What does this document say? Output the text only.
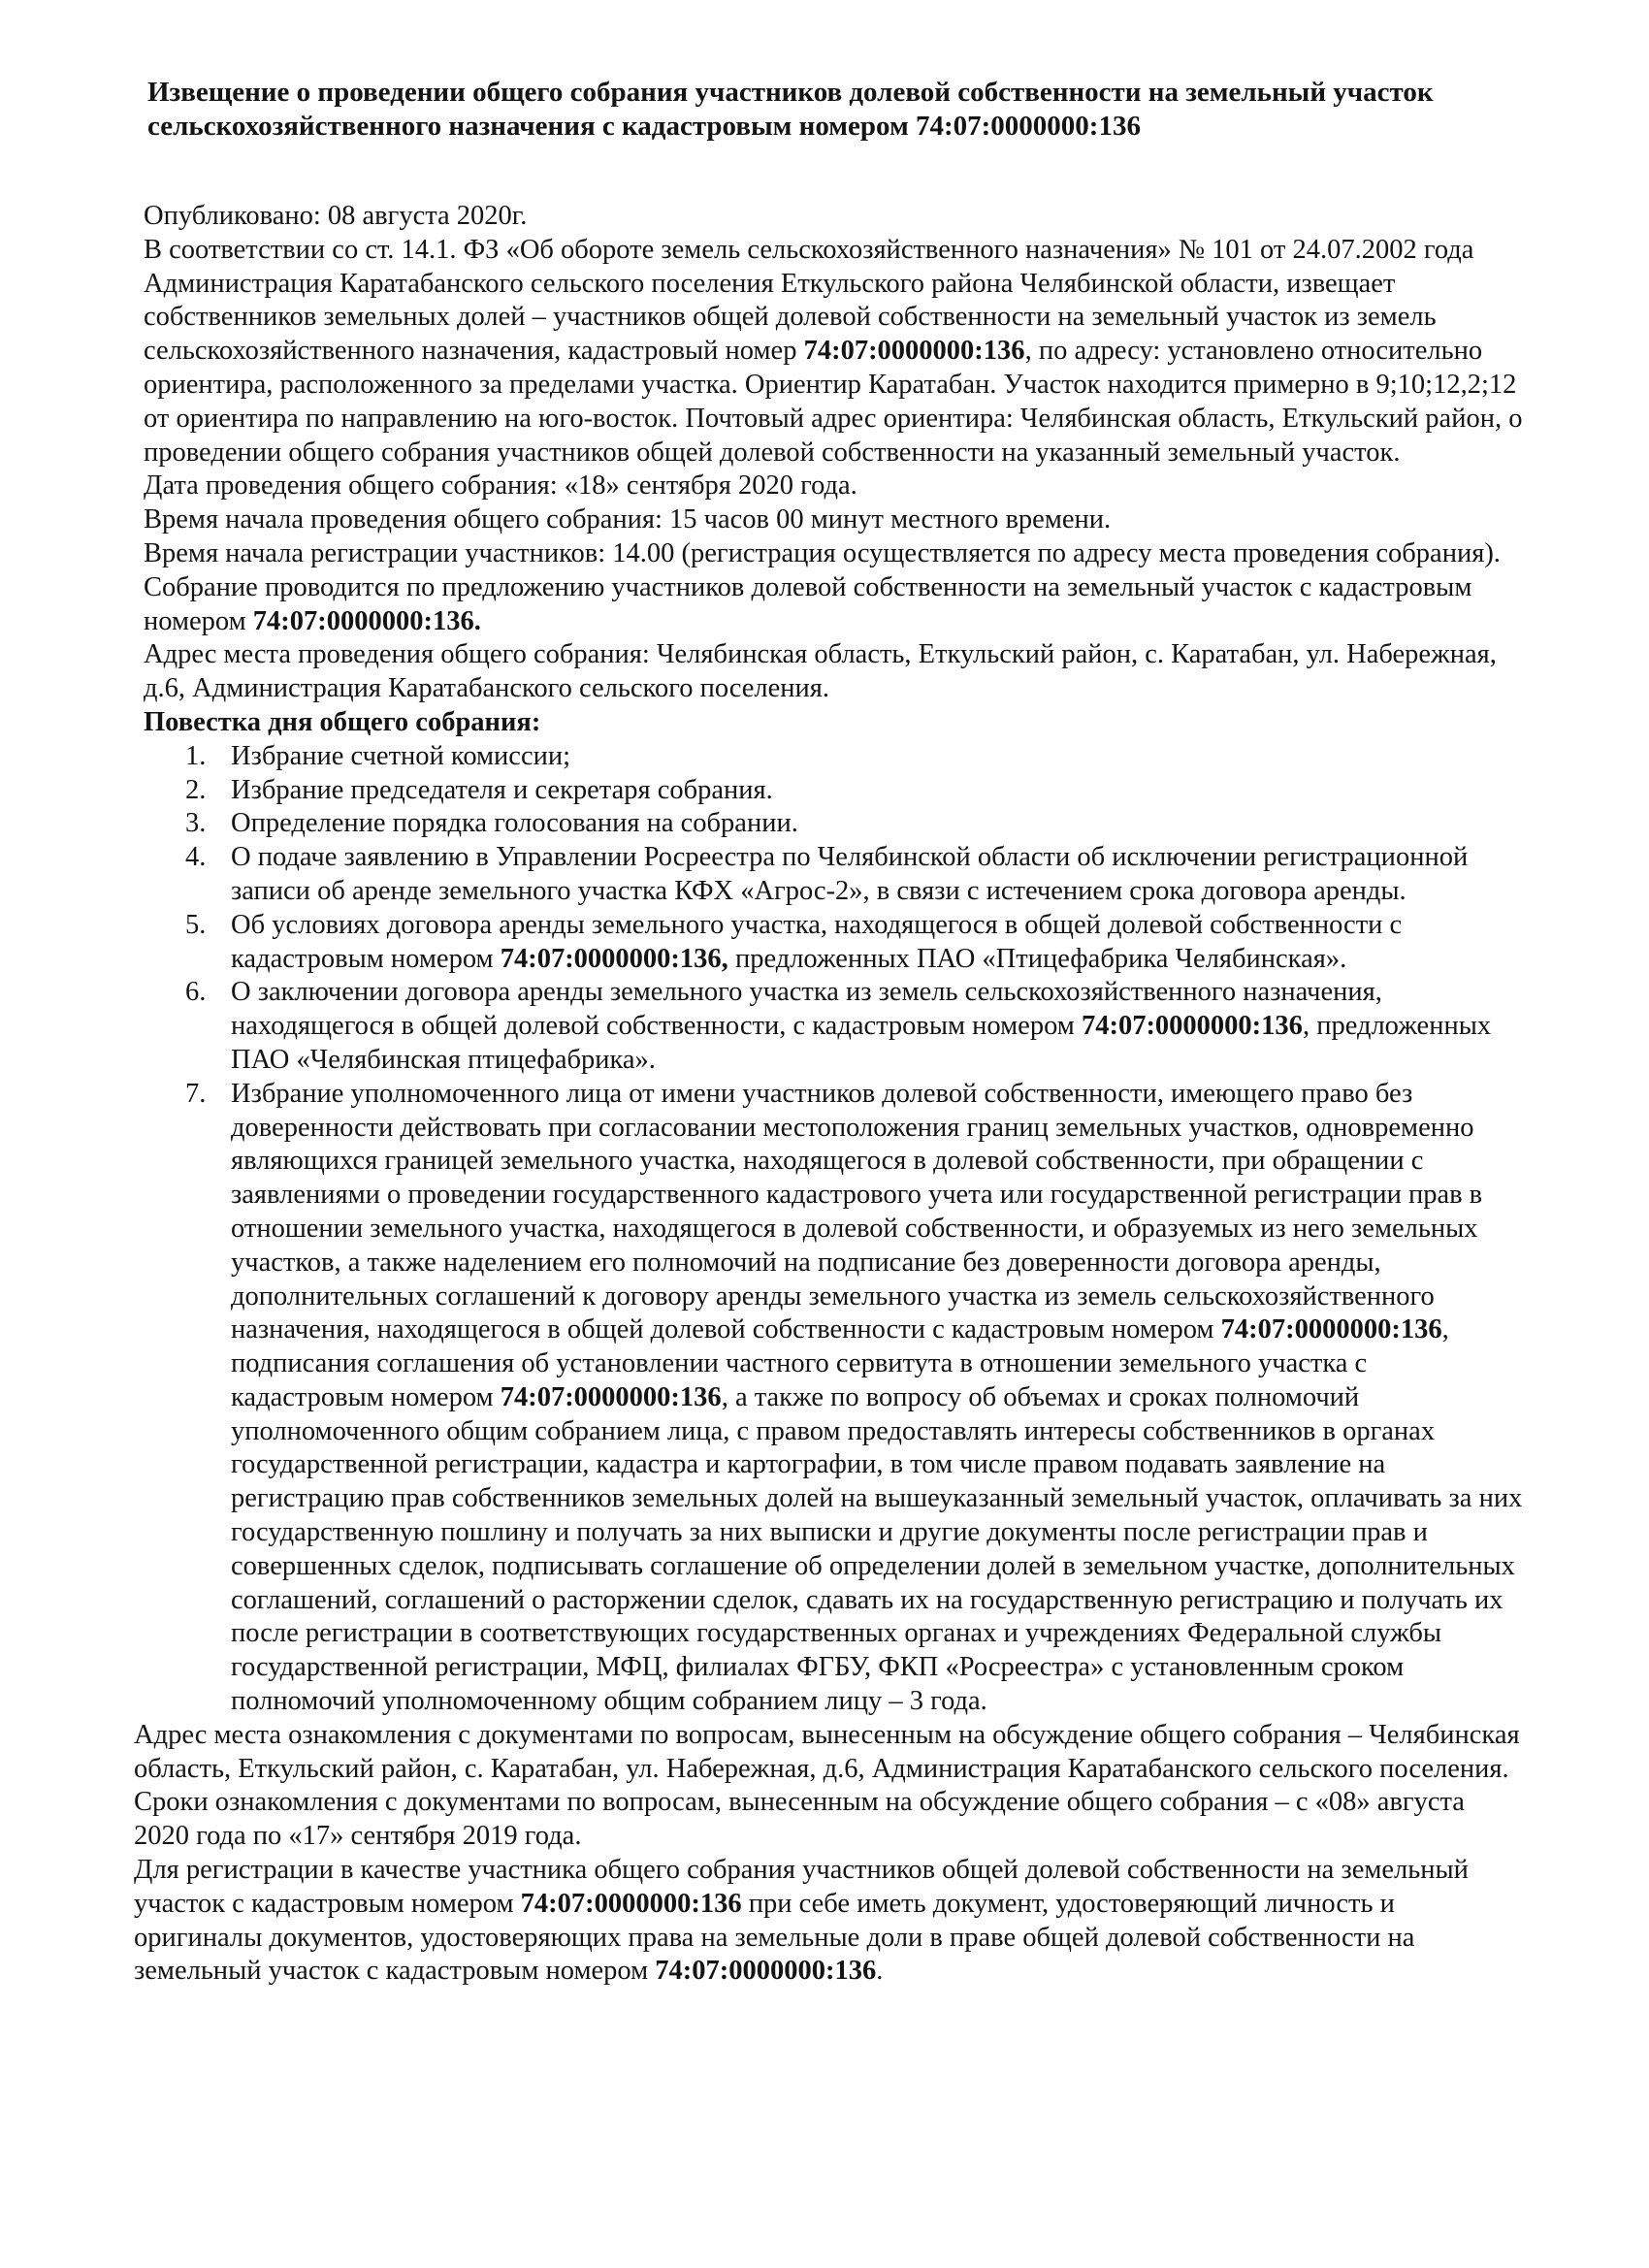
Извещение о проведении общего собрания участников долевой собственности на земельный участок сельскохозяйственного назначения с кадастровым номером 74:07:0000000:136

Опубликовано: 08 августа 2020г.

В соответствии со ст. 14.1. ФЗ «Об обороте земель сельскохозяйственного назначения» № 101 от 24.07.2002 года Администрация Каратабанского сельского поселения Еткульского района Челябинской области, извещает собственников земельных долей – участников общей долевой собственности на земельный участок из земель сельскохозяйственного назначения, кадастровый номер 74:07:0000000:136, по адресу: установлено относительно ориентира, расположенного за пределами участка. Ориентир Каратабан. Участок находится примерно в 9;10;12,2;12 от ориентира по направлению на юго-восток. Почтовый адрес ориентира: Челябинская область, Еткульский район, о проведении общего собрания участников общей долевой собственности на указанный земельный участок.

Дата проведения общего собрания: «18» сентября 2020 года.

Время начала проведения общего собрания: 15 часов 00 минут местного времени.

Время начала регистрации участников: 14.00 (регистрация осуществляется по адресу места проведения собрания).

Собрание проводится по предложению участников долевой собственности на земельный участок с кадастровым номером 74:07:0000000:136.

Адрес места проведения общего собрания: Челябинская область, Еткульский район, с. Каратабан, ул. Набережная, д.6, Администрация Каратабанского сельского поселения.

Повестка дня общего собрания:

Избрание счетной комиссии;
Избрание председателя и секретаря собрания.
Определение порядка голосования на собрании.
О подаче заявлению в Управлении Росреестра по Челябинской области об исключении регистрационной записи об аренде земельного участка КФХ «Агрос-2», в связи с истечением срока договора аренды.
Об условиях договора аренды земельного участка, находящегося в общей долевой собственности с кадастровым номером 74:07:0000000:136, предложенных ПАО «Птицефабрика Челябинская».
О заключении договора аренды земельного участка из земель сельскохозяйственного назначения, находящегося в общей долевой собственности, с кадастровым номером 74:07:0000000:136, предложенных ПАО «Челябинская птицефабрика».
Избрание уполномоченного лица от имени участников долевой собственности, имеющего право без доверенности действовать при согласовании местоположения границ земельных участков, одновременно являющихся границей земельного участка, находящегося в долевой собственности, при обращении с заявлениями о проведении государственного кадастрового учета или государственной регистрации прав в отношении земельного участка, находящегося в долевой собственности, и образуемых из него земельных участков, а также наделением его полномочий на подписание без доверенности договора аренды, дополнительных соглашений к договору аренды земельного участка из земель сельскохозяйственного назначения, находящегося в общей долевой собственности с кадастровым номером 74:07:0000000:136, подписания соглашения об установлении частного сервитута в отношении земельного участка с кадастровым номером 74:07:0000000:136, а также по вопросу об объемах и сроках полномочий уполномоченного общим собранием лица, с правом предоставлять интересы собственников в органах государственной регистрации, кадастра и картографии, в том числе правом подавать заявление на регистрацию прав собственников земельных долей на вышеуказанный земельный участок, оплачивать за них государственную пошлину и получать за них выписки и другие документы после регистрации прав и совершенных сделок, подписывать соглашение об определении долей в земельном участке, дополнительных соглашений, соглашений о расторжении сделок, сдавать их на государственную регистрацию и получать их после регистрации в соответствующих государственных органах и учреждениях Федеральной службы государственной регистрации, МФЦ, филиалах ФГБУ, ФКП «Росреестра» с установленным сроком полномочий уполномоченному общим собранием лицу – 3 года.

Адрес места ознакомления с документами по вопросам, вынесенным на обсуждение общего собрания – Челябинская область, Еткульский район, с. Каратабан, ул. Набережная, д.6, Администрация Каратабанского сельского поселения.

Сроки ознакомления с документами по вопросам, вынесенным на обсуждение общего собрания – с «08» августа 2020 года по «17» сентября 2019 года.

Для регистрации в качестве участника общего собрания участников общей долевой собственности на земельный участок с кадастровым номером 74:07:0000000:136 при себе иметь документ, удостоверяющий личность и оригиналы документов, удостоверяющих права на земельные доли в праве общей долевой собственности на земельный участок с кадастровым номером 74:07:0000000:136.
